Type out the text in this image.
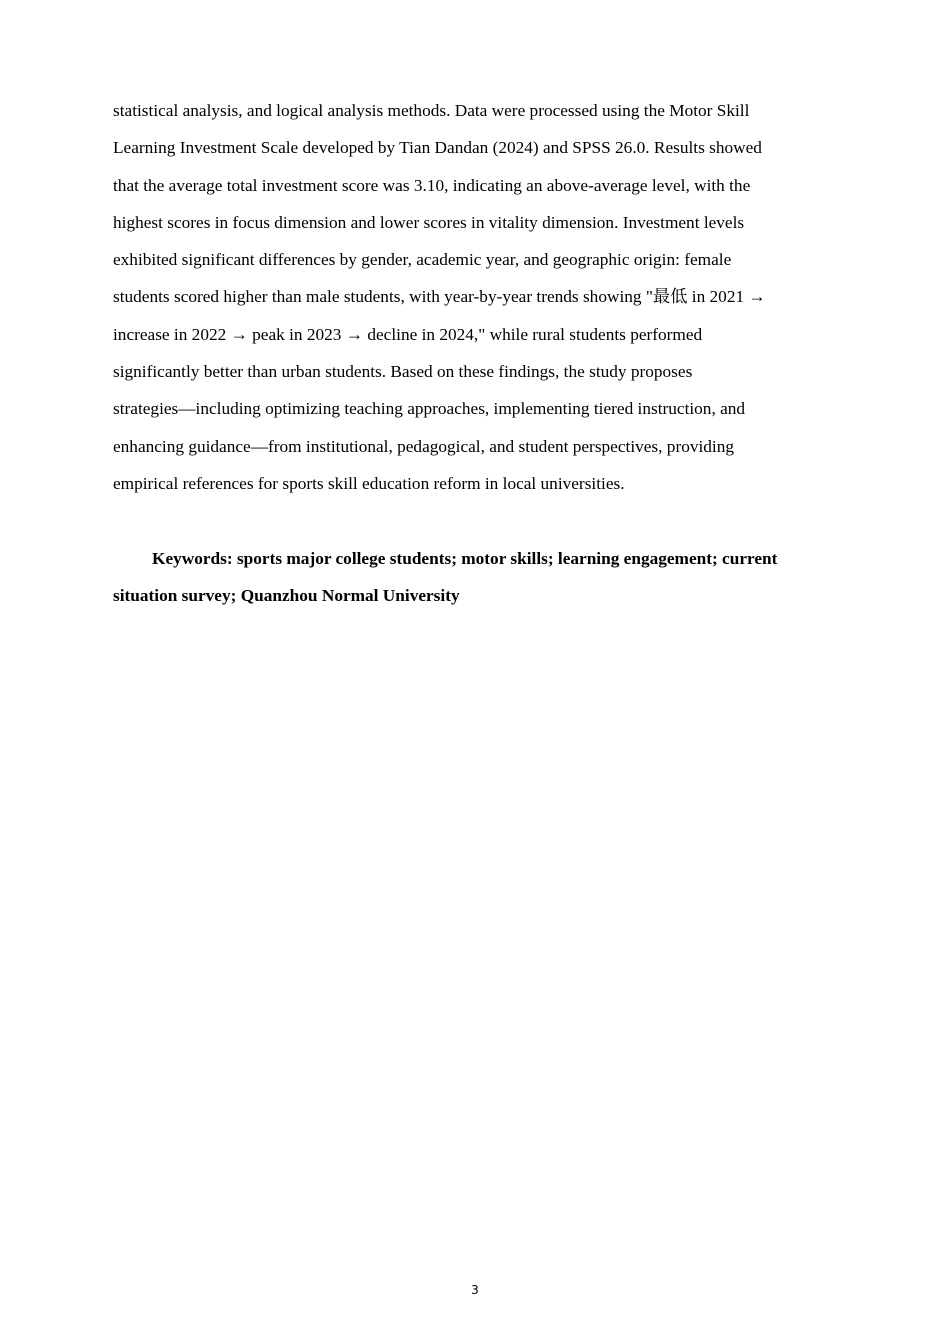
statistical analysis, and logical analysis methods. Data were processed using the Motor Skill
Learning Investment Scale developed by Tian Dandan (2024) and SPSS 26.0. Results showed
that the average total investment score was 3.10, indicating an above-average level, with the
highest scores in focus dimension and lower scores in vitality dimension. Investment levels
exhibited significant differences by gender, academic year, and geographic origin: female
students scored higher than male students, with year-by-year trends showing "最低 in 2021 →
increase in 2022 → peak in 2023 → decline in 2024," while rural students performed
significantly better than urban students. Based on these findings, the study proposes
strategies—including optimizing teaching approaches, implementing tiered instruction, and
enhancing guidance—from institutional, pedagogical, and student perspectives, providing
empirical references for sports skill education reform in local universities.

Keywords: sports major college students; motor skills; learning engagement; current
situation survey; Quanzhou Normal University

3
